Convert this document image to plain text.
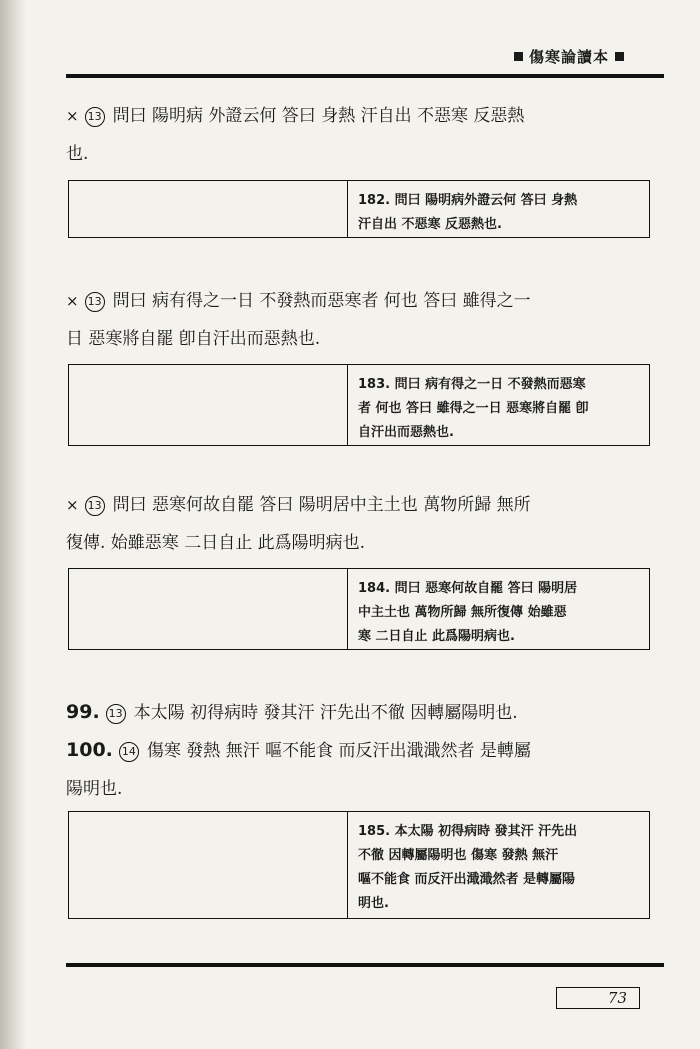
傷寒論讀本
× 13 問曰 陽明病 外證云何 答曰 身熱 汗自出 不惡寒 反惡熱
也.
182. 問曰 陽明病外證云何 答曰 身熱
汗自出 不惡寒 反惡熱也.
× 13 問曰 病有得之一日 不發熱而惡寒者 何也 答曰 雖得之一
日 惡寒將自罷 卽自汗出而惡熱也.
183. 問曰 病有得之一日 不發熱而惡寒
者 何也 答曰 雖得之一日 惡寒將自罷 卽
自汗出而惡熱也.
× 13 問曰 惡寒何故自罷 答曰 陽明居中主土也 萬物所歸 無所
復傳. 始雖惡寒 二日自止 此爲陽明病也.
184. 問曰 惡寒何故自罷 答曰 陽明居
中主土也 萬物所歸 無所復傳 始雖惡
寒 二日自止 此爲陽明病也.
99. 13 本太陽 初得病時 發其汗 汗先出不徹 因轉屬陽明也.
100. 14 傷寒 發熱 無汗 嘔不能食 而反汗出濈濈然者 是轉屬
陽明也.
185. 本太陽 初得病時 發其汗 汗先出
不徹 因轉屬陽明也 傷寒 發熱 無汗
嘔不能食 而反汗出濈濈然者 是轉屬陽
明也.
73
